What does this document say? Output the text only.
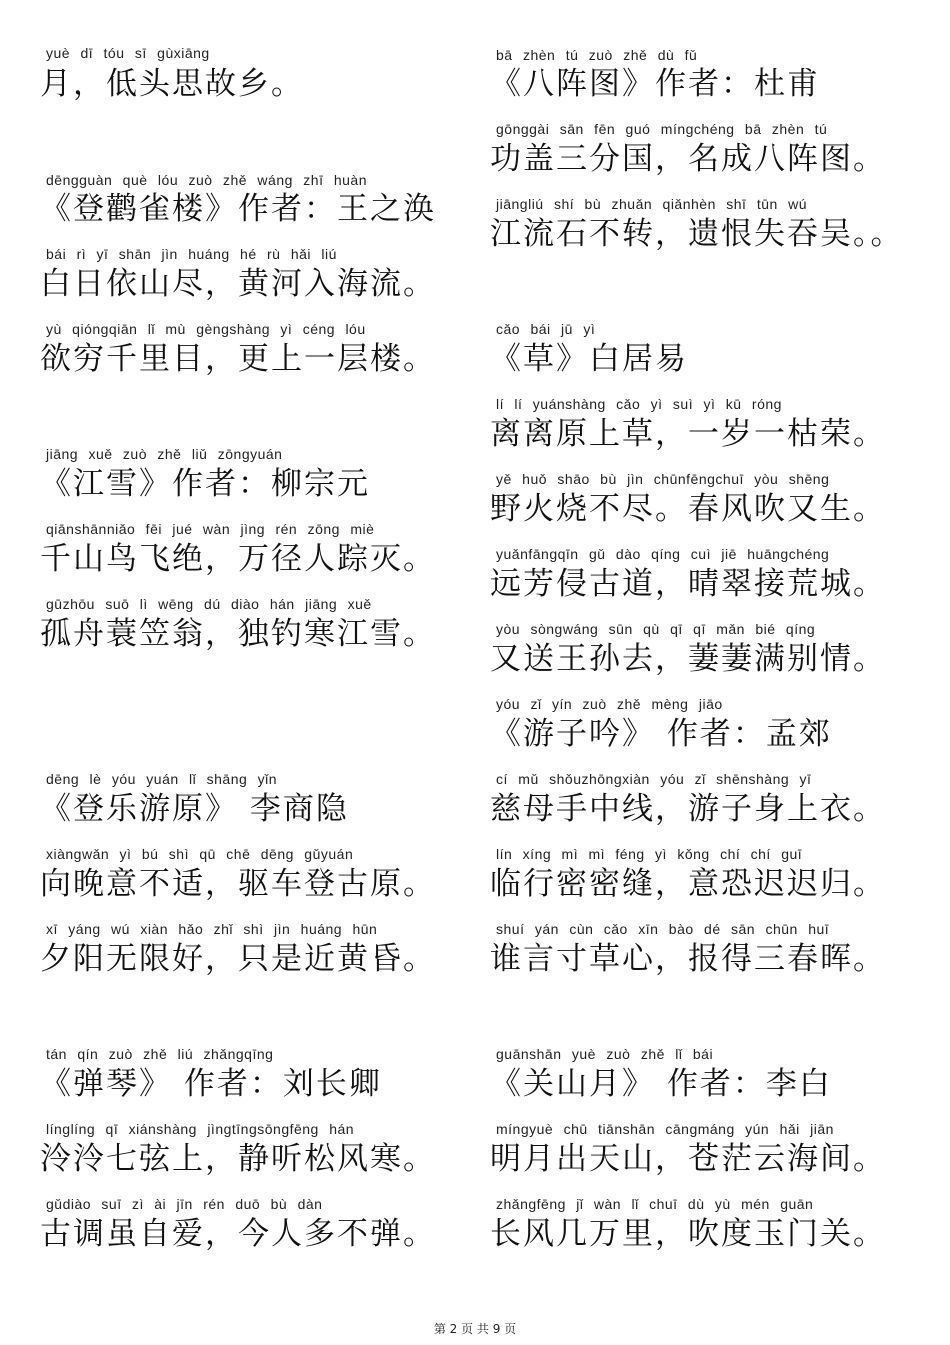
yuè dī tóu sī gùxiāng
月，低头思故乡。
dēngguàn què lóu zuò zhě wáng zhī huàn
《登鹳雀楼》作者：王之涣
bái rì yī shān jìn huáng hé rù hǎi liú
白日依山尽，黄河入海流。
yù qióngqiān lǐ mù gèngshàng yì céng lóu
欲穷千里目，更上一层楼。
jiāng xuě zuò zhě liǔ zōngyuán
《江雪》作者：柳宗元
qiānshānniǎo fēi jué wàn jìng rén zōng miè
千山鸟飞绝，万径人踪灭。
gūzhōu suō lì wēng dú diào hán jiāng xuě
孤舟蓑笠翁，独钓寒江雪。
dēng lè yóu yuán lǐ shāng yǐn
《登乐游原》 李商隐
xiàngwǎn yì bú shì qū chē dēng gǔyuán
向晚意不适，驱车登古原。
xī yáng wú xiàn hǎo zhǐ shì jìn huáng hūn
夕阳无限好，只是近黄昏。
tán qín zuò zhě liú zhǎngqīng
《弹琴》 作者：刘长卿
línglíng qī xiánshàng jìngtīngsōngfēng hán
泠泠七弦上，静听松风寒。
gǔdiào suī zì ài jīn rén duō bù dàn
古调虽自爱，今人多不弹。
bā zhèn tú zuò zhě dù fǔ
《八阵图》作者：杜甫
gōnggài sān fēn guó míngchéng bā zhèn tú
功盖三分国，名成八阵图。
jiāngliú shí bù zhuǎn qiǎnhèn shī tūn wú
江流石不转，遗恨失吞吴。。
cǎo bái jū yì
《草》白居易
lí lí yuánshàng cǎo yì suì yì kū róng
离离原上草，一岁一枯荣。
yě huǒ shāo bù jìn chūnfēngchuī yòu shēng
野火烧不尽。春风吹又生。
yuǎnfāngqīn gǔ dào qíng cuì jiē huāngchéng
远芳侵古道，晴翠接荒城。
yòu sòngwáng sūn qù qī qī mǎn bié qíng
又送王孙去，萋萋满别情。
yóu zǐ yín zuò zhě mèng jiāo
《游子吟》 作者：孟郊
cí mǔ shǒuzhōngxiàn yóu zǐ shēnshàng yī
慈母手中线，游子身上衣。
lín xíng mì mì féng yì kǒng chí chí guī
临行密密缝，意恐迟迟归。
shuí yán cùn cǎo xīn bào dé sān chūn huī
谁言寸草心，报得三春晖。
guānshān yuè zuò zhě lǐ bái
《关山月》 作者：李白
míngyuè chū tiānshān cāngmáng yún hǎi jiān
明月出天山，苍茫云海间。
zhǎngfēng jǐ wàn lǐ chuī dù yù mén guān
长风几万里，吹度玉门关。
第 2 页 共 9 页
